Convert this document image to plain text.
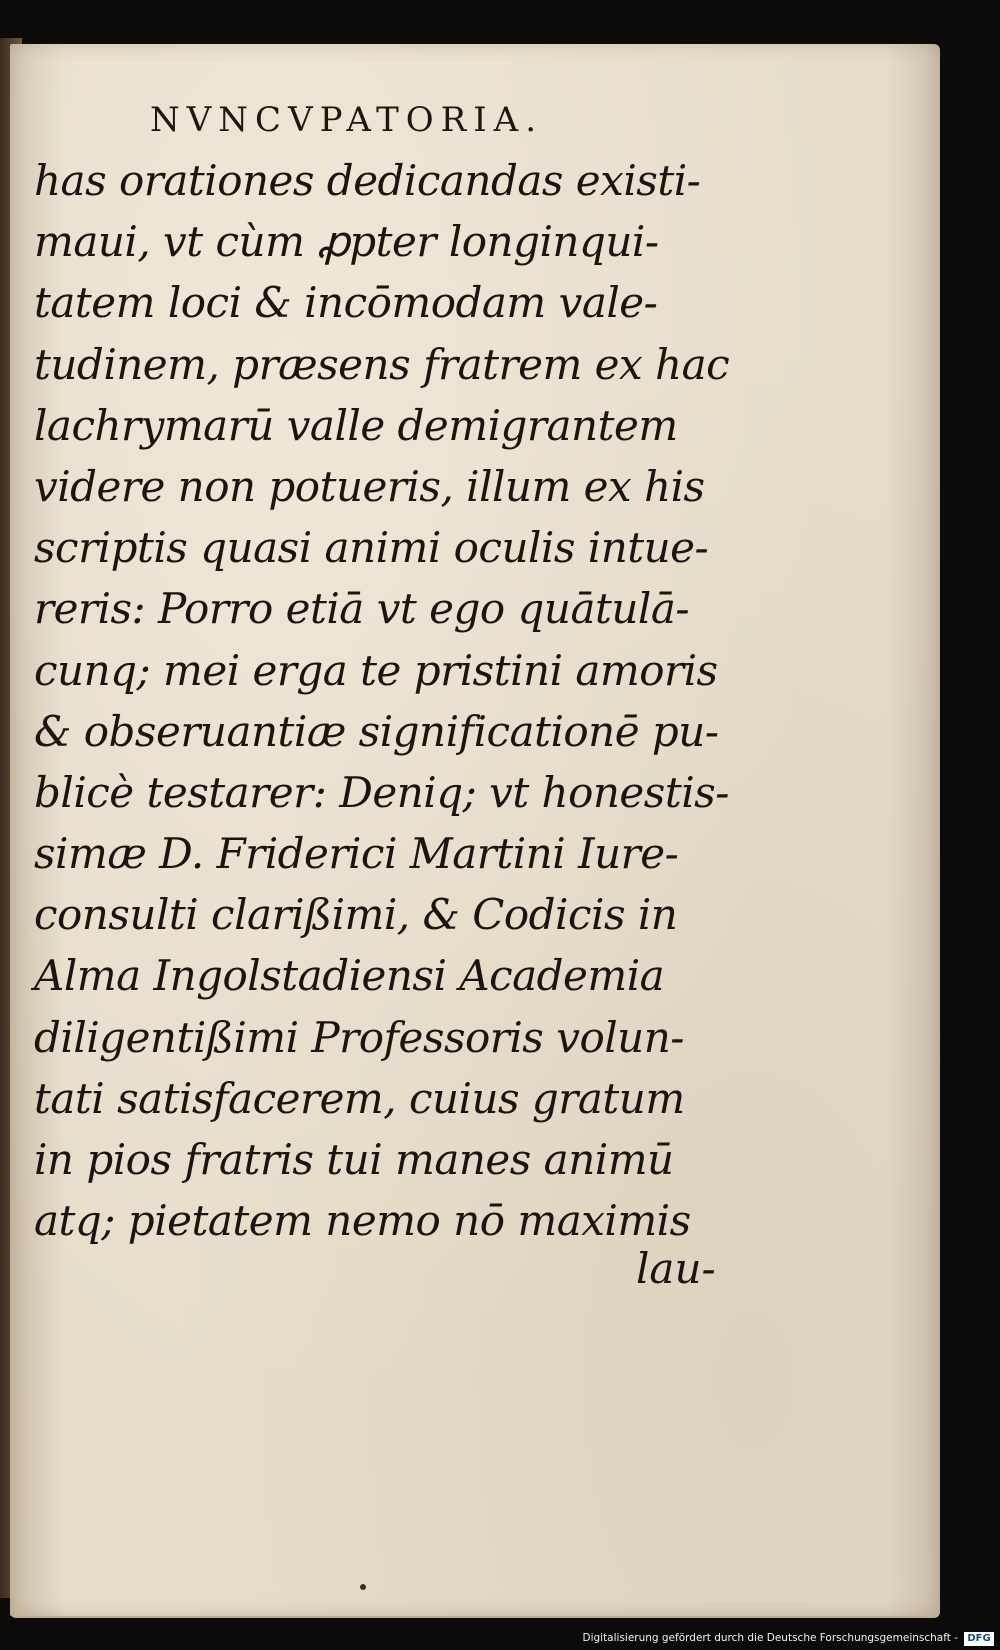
NVNCVPATORIA.
has orationes dedicandas existi-
maui, vt cùm ꝓpter longinqui-
tatem loci & incōmodam vale-
tudinem, præsens fratrem ex hac
lachrymarū valle demigrantem
videre non potueris, illum ex his
scriptis quasi animi oculis intue-
reris: Porro etiā vt ego quātulā-
cunq; mei erga te pristini amoris
& obseruantiæ significationē pu-
blicè testarer: Deniq; vt honestis-
simæ D. Friderici Martini Iure-
consulti clarißimi, & Codicis in
Alma Ingolstadiensi Academia
diligentißimi Professoris volun-
tati satisfacerem, cuius gratum
in pios fratris tui manes animū
atq; pietatem nemo nō maximis
lau-
Digitalisierung gefördert durch die Deutsche Forschungsgemeinschaft - DFG
